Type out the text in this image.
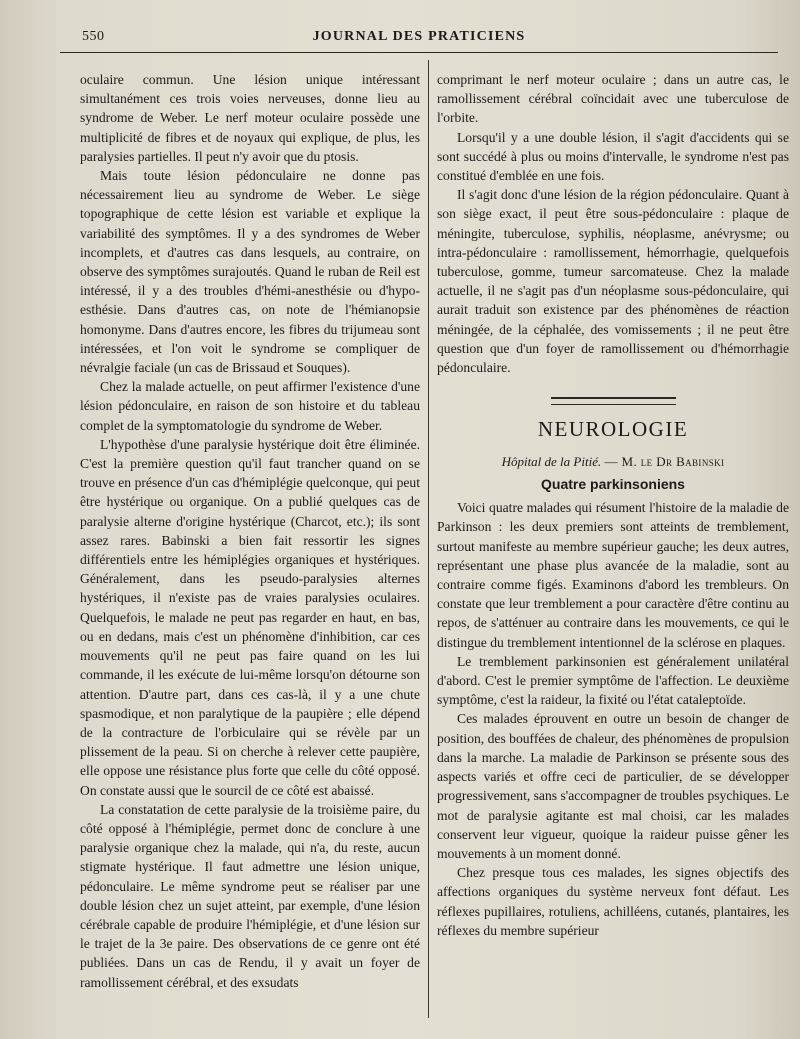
550	JOURNAL DES PRATICIENS

oculaire commun. Une lésion unique intéressant simultanément ces trois voies nerveuses, donne lieu au syndrome de Weber. Le nerf moteur oculaire possède une multiplicité de fibres et de noyaux qui explique, de plus, les paralysies partielles. Il peut n'y avoir que du ptosis.

Mais toute lésion pédonculaire ne donne pas nécessairement lieu au syndrome de Weber. Le siège topographique de cette lésion est variable et explique la variabilité des symptômes. Il y a des syndromes de Weber incomplets, et d'autres cas dans lesquels, au contraire, on observe des symptômes surajoutés. Quand le ruban de Reil est intéressé, il y a des troubles d'hémi-anesthésie ou d'hypo-esthésie. Dans d'autres cas, on note de l'hémianopsie homonyme. Dans d'autres encore, les fibres du trijumeau sont intéressées, et l'on voit le syndrome se compliquer de névralgie faciale (un cas de Brissaud et Souques).

Chez la malade actuelle, on peut affirmer l'existence d'une lésion pédonculaire, en raison de son histoire et du tableau complet de la symptomatologie du syndrome de Weber.

L'hypothèse d'une paralysie hystérique doit être éliminée. C'est la première question qu'il faut trancher quand on se trouve en présence d'un cas d'hémiplégie quelconque, qui peut être hystérique ou organique. On a publié quelques cas de paralysie alterne d'origine hystérique (Charcot, etc.); ils sont assez rares. Babinski a bien fait ressortir les signes différentiels entre les hémiplégies organiques et hystériques. Généralement, dans les pseudo-paralysies alternes hystériques, il n'existe pas de vraies paralysies oculaires. Quelquefois, le malade ne peut pas regarder en haut, en bas, ou en dedans, mais c'est un phénomène d'inhibition, car ces mouvements qu'il ne peut pas faire quand on les lui commande, il les exécute de lui-même lorsqu'on détourne son attention. D'autre part, dans ces cas-là, il y a une chute spasmodique, et non paralytique de la paupière ; elle dépend de la contracture de l'orbiculaire qui se révèle par un plissement de la peau. Si on cherche à relever cette paupière, elle oppose une résistance plus forte que celle du côté opposé. On constate aussi que le sourcil de ce côté est abaissé.

La constatation de cette paralysie de la troisième paire, du côté opposé à l'hémiplégie, permet donc de conclure à une paralysie organique chez la malade, qui n'a, du reste, aucun stigmate hystérique. Il faut admettre une lésion unique, pédonculaire. Le même syndrome peut se réaliser par une double lésion chez un sujet atteint, par exemple, d'une lésion cérébrale capable de produire l'hémiplégie, et d'une lésion sur le trajet de la 3e paire. Des observations de ce genre ont été publiées. Dans un cas de Rendu, il y avait un foyer de ramollissement cérébral, et des exsudats

comprimant le nerf moteur oculaire ; dans un autre cas, le ramollissement cérébral coïncidait avec une tuberculose de l'orbite.

Lorsqu'il y a une double lésion, il s'agit d'accidents qui se sont succédé à plus ou moins d'intervalle, le syndrome n'est pas constitué d'emblée en une fois.

Il s'agit donc d'une lésion de la région pédonculaire. Quant à son siège exact, il peut être sous-pédonculaire : plaque de méningite, tuberculose, syphilis, néoplasme, anévrysme; ou intra-pédonculaire : ramollissement, hémorrhagie, quelquefois tuberculose, gomme, tumeur sarcomateuse. Chez la malade actuelle, il ne s'agit pas d'un néoplasme sous-pédonculaire, qui aurait traduit son existence par des phénomènes de réaction méningée, de la céphalée, des vomissements ; il ne peut être question que d'un foyer de ramollissement ou d'hémorrhagie pédonculaire.

NEUROLOGIE
Hôpital de la Pitié. — M. le Dr Babinski
Quatre parkinsoniens

Voici quatre malades qui résument l'histoire de la maladie de Parkinson : les deux premiers sont atteints de tremblement, surtout manifeste au membre supérieur gauche; les deux autres, représentant une phase plus avancée de la maladie, sont au contraire comme figés. Examinons d'abord les trembleurs. On constate que leur tremblement a pour caractère d'être continu au repos, de s'atténuer au contraire dans les mouvements, ce qui le distingue du tremblement intentionnel de la sclérose en plaques.

Le tremblement parkinsonien est généralement unilatéral d'abord. C'est le premier symptôme de l'affection. Le deuxième symptôme, c'est la raideur, la fixité ou l'état cataleptoïde.

Ces malades éprouvent en outre un besoin de changer de position, des bouffées de chaleur, des phénomènes de propulsion dans la marche. La maladie de Parkinson se présente sous des aspects variés et offre ceci de particulier, de se développer progressivement, sans s'accompagner de troubles psychiques. Le mot de paralysie agitante est mal choisi, car les malades conservent leur vigueur, quoique la raideur puisse gêner les mouvements à un moment donné.

Chez presque tous ces malades, les signes objectifs des affections organiques du système nerveux font défaut. Les réflexes pupillaires, rotuliens, achilléens, cutanés, plantaires, les réflexes du membre supérieur
